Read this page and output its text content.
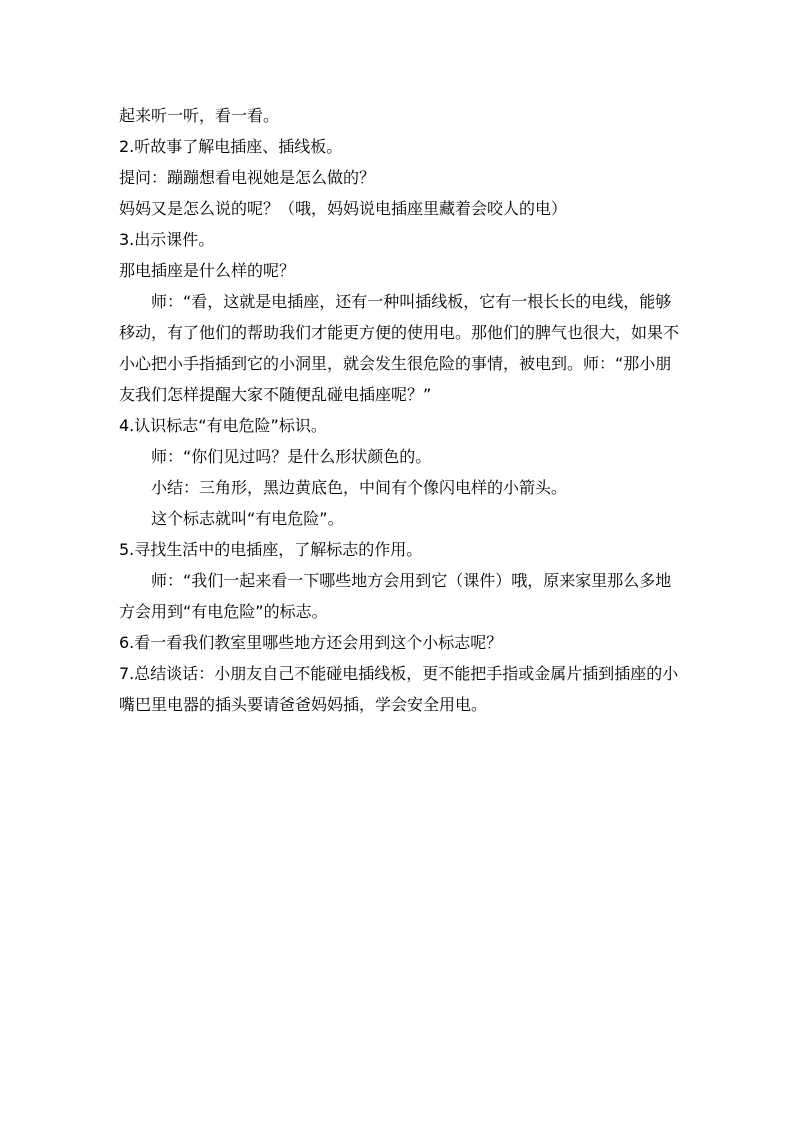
起来听一听，看一看。

2.听故事了解电插座、插线板。

提问：蹦蹦想看电视她是怎么做的？

妈妈又是怎么说的呢？（哦，妈妈说电插座里藏着会咬人的电）

3.出示课件。

那电插座是什么样的呢？

师：“看，这就是电插座，还有一种叫插线板，它有一根长长的电线，能够移动，有了他们的帮助我们才能更方便的使用电。那他们的脾气也很大，如果不小心把小手指插到它的小洞里，就会发生很危险的事情，被电到。师：“那小朋友我们怎样提醒大家不随便乱碰电插座呢？”

4.认识标志“有电危险”标识。

师：“你们见过吗？是什么形状颜色的。

小结：三角形，黑边黄底色，中间有个像闪电样的小箭头。

这个标志就叫“有电危险”。

5.寻找生活中的电插座，了解标志的作用。

师：“我们一起来看一下哪些地方会用到它（课件）哦，原来家里那么多地方会用到“有电危险”的标志。

6.看一看我们教室里哪些地方还会用到这个小标志呢？

7.总结谈话：小朋友自己不能碰电插线板，更不能把手指或金属片插到插座的小嘴巴里电器的插头要请爸爸妈妈插，学会安全用电。
